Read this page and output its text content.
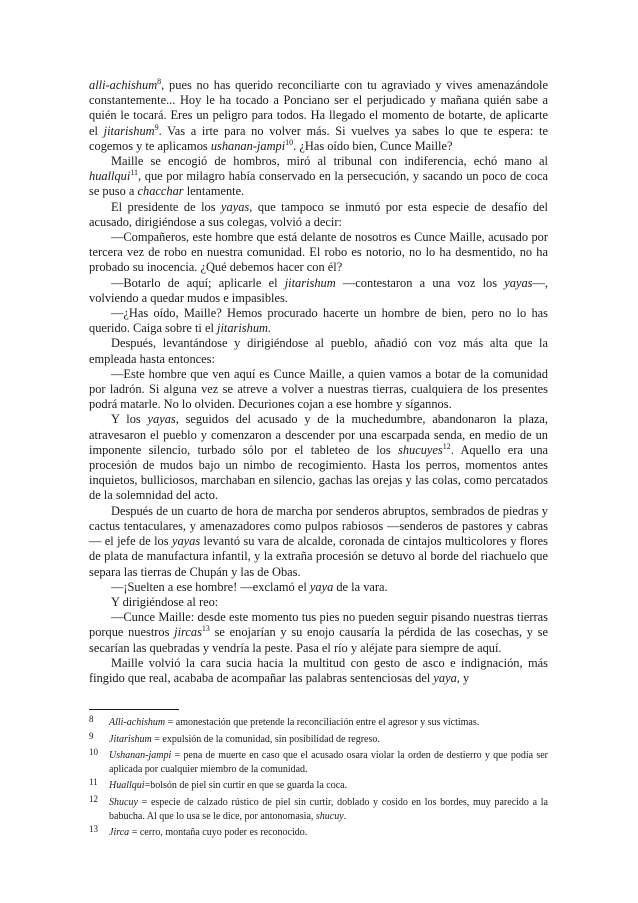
alli-achishum$^8$, pues no has querido reconciliarte con tu agraviado y vives amenazándole constantemente... Hoy le ha tocado a Ponciano ser el perjudicado y mañana quién sabe a quién le tocará. Eres un peligro para todos. Ha llegado el momento de botarte, de aplicarte el jitarishum$^9$. Vas a irte para no volver más. Si vuelves ya sabes lo que te espera: te cogemos y te aplicamos ushanan-jampi$^{10}$. ¿Has oído bien, Cunce Maille?

Maille se encogió de hombros, miró al tribunal con indiferencia, echó mano al huallqui$^{11}$, que por milagro había conservado en la persecución, y sacando un poco de coca se puso a chacchar lentamente.

El presidente de los yayas, que tampoco se inmutó por esta especie de desafío del acusado, dirigiéndose a sus colegas, volvió a decir:

—Compañeros, este hombre que está delante de nosotros es Cunce Maille, acusado por tercera vez de robo en nuestra comunidad. El robo es notorio, no lo ha desmentido, no ha probado su inocencia. ¿Qué debemos hacer con él?

—Botarlo de aquí; aplicarle el jitarishum —contestaron a una voz los yayas—, volviendo a quedar mudos e impasibles.

—¿Has oído, Maille? Hemos procurado hacerte un hombre de bien, pero no lo has querido. Caiga sobre ti el jitarishum.

Después, levantándose y dirigiéndose al pueblo, añadió con voz más alta que la empleada hasta entonces:

—Este hombre que ven aquí es Cunce Maille, a quien vamos a botar de la comunidad por ladrón. Si alguna vez se atreve a volver a nuestras tierras, cualquiera de los presentes podrá matarle. No lo olviden. Decuriones cojan a ese hombre y sígannos.

Y los yayas, seguidos del acusado y de la muchedumbre, abandonaron la plaza, atravesaron el pueblo y comenzaron a descender por una escarpada senda, en medio de un imponente silencio, turbado sólo por el tableteo de los shucuyes$^{12}$. Aquello era una procesión de mudos bajo un nimbo de recogimiento. Hasta los perros, momentos antes inquietos, bulliciosos, marchaban en silencio, gachas las orejas y las colas, como percatados de la solemnidad del acto.

Después de un cuarto de hora de marcha por senderos abruptos, sembrados de piedras y cactus tentaculares, y amenazadores como pulpos rabiosos —senderos de pastores y cabras— el jefe de los yayas levantó su vara de alcalde, coronada de cintajos multicolores y flores de plata de manufactura infantil, y la extraña procesión se detuvo al borde del riachuelo que separa las tierras de Chupán y las de Obas.

—¡Suelten a ese hombre! —exclamó el yaya de la vara.

Y dirigiéndose al reo:

—Cunce Maille: desde este momento tus pies no pueden seguir pisando nuestras tierras porque nuestros jircas$^{13}$ se enojarían y su enojo causaría la pérdida de las cosechas, y se secarían las quebradas y vendría la peste. Pasa el río y aléjate para siempre de aquí.

Maille volvió la cara sucia hacia la multitud con gesto de asco e indignación, más fingido que real, acababa de acompañar las palabras sentenciosas del yaya, y

8 Alli-achishum = amonestación que pretende la reconciliación entre el agresor y sus víctimas.
9 Jitarishum = expulsión de la comunidad, sin posibilidad de regreso.
10 Ushanan-jampi = pena de muerte en caso que el acusado osara violar la orden de destierro y que podía ser aplicada por cualquier miembro de la comunidad.
11 Huallqui=bolsón de piel sin curtir en que se guarda la coca.
12 Shucuy = especie de calzado rústico de piel sin curtir, doblado y cosido en los bordes, muy parecido a la babucha. Al que lo usa se le dice, por antonomasia, shucuy.
13 Jirca = cerro, montaña cuyo poder es reconocido.
